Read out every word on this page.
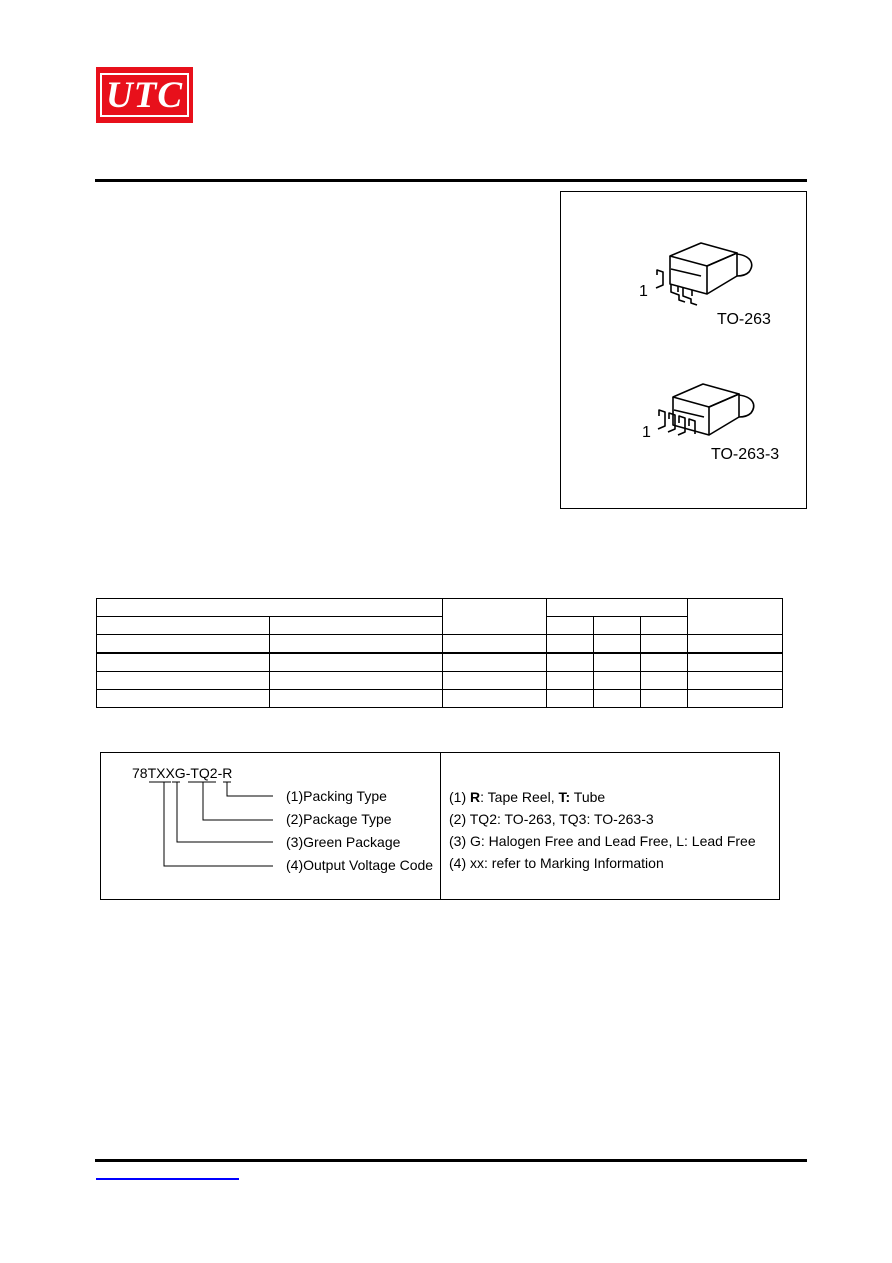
UTC
1
TO-263
1
TO-263-3

78TXXG-TQ2-R
(1)Packing Type
(2)Package Type
(3)Green Package
(4)Output Voltage Code
(1) R: Tape Reel, T: Tube
(2) TQ2: TO-263, TQ3: TO-263-3
(3) G: Halogen Free and Lead Free, L: Lead Free
(4) xx: refer to Marking Information
